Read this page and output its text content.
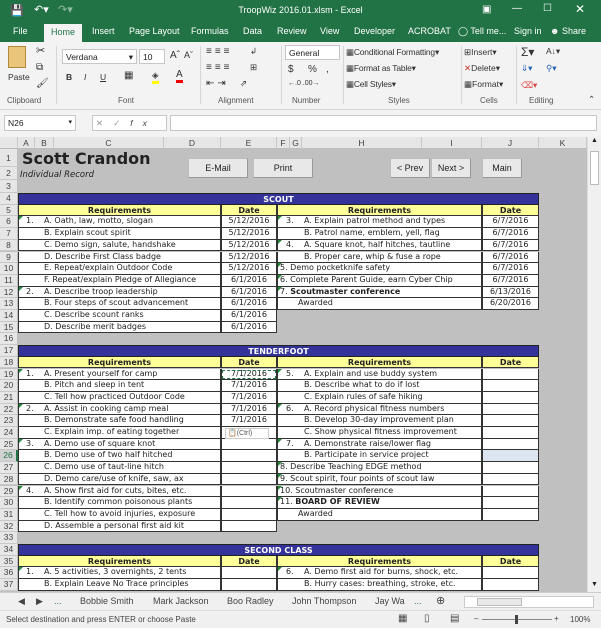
💾 ↶▾ ↷▾	TroopWiz 2016.01.xlsm - Excel	▣ — ☐ ✕
File	Home	Insert Page Layout Formulas Data Review View Developer ACROBAT ◯ Tell me... Sign in ☻ Share
Paste
✂
⧉
🖌
Clipboard
Verdana	▾	10	Aˆ Aˇ
B I U ▦ ◈ A
Font
≡≡≡
≡≡≡
⇤⇥
↲
⊞
⇗
Alignment
General
$ % ,
←.0 .00→
Number
▦Conditional Formatting▾
▦Format as Table▾
▦Cell Styles▾
Styles
⊞Insert▾
✕Delete▾
▦Format▾
Cells
Σ▾ A↓▾
⇓▾ ⚲▾
⌫▾
Editing	⌃
N26	▾	✕✓fx
A	B	C	D	E	F G	H	I	J	K
1
2
3
4
5
6
7
8
9
10
11
12
13
14
15
16
17
18
19
20
21
22
23
24
25
26
27
28
29
30
31
32
33
34
35
36
37
Scott Crandon
Individual Record
E-Mail	Print	< Prev	Next >	Main
SCOUT
Requirements	Date
1. A. Oath, law, motto, slogan	5/12/2016
B. Explain scout spirit	5/12/2016
C. Demo sign, salute, handshake	5/12/2016
D. Describe First Class badge	5/12/2016
E. Repeat/explain Outdoor Code	5/12/2016
F. Repeat/explain Pledge of Allegiance	6/1/2016
2. A. Describe troop leadership	6/1/2016
B. Four steps of scout advancement	6/1/2016
C. Describe scount ranks	6/1/2016
D. Describe merit badges	6/1/2016
Requirements	Date
3. A. Explain patrol method and types	6/7/2016
B. Patrol name, emblem, yell, flag	6/7/2016
4. A. Square knot, half hitches, tautline	6/7/2016
B. Proper care, whip & fuse a rope	6/7/2016
5. Demo pocketknife safety	6/7/2016
6. Complete Parent Guide, earn Cyber Chip	6/7/2016
7. Scoutmaster conference	6/13/2016
Awarded	6/20/2016
TENDERFOOT
Requirements	Date
1. A. Present yourself for camp	7/1/2016
B. Pitch and sleep in tent	7/1/2016
C. Tell how practiced Outdoor Code	7/1/2016
2. A. Assist in cooking camp meal	7/1/2016
B. Demonstrate safe food handling	7/1/2016
C. Explain imp. of eating together
3. A. Demo use of square knot
B. Demo use of two half hitched
C. Demo use of taut-line hitch
D. Demo care/use of knife, saw, ax
4. A. Show first aid for cuts, bites, etc.
B. Identify common poisonous plants
C. Tell how to avoid injuries, exposure
D. Assemble a personal first aid kit
Requirements	Date
5. A. Explain and use buddy system
B. Describe what to do if lost
C. Explain rules of safe hiking
6. A. Record physical fitness numbers
B. Develop 30-day improvement plan
C. Show physical fitness improvement
7. A. Demonstrate raise/lower flag
B. Participate in service project
8. Describe Teaching EDGE method
9. Scout spirit, four points of scout law
10. Scoutmaster conference
11. BOARD OF REVIEW
Awarded
SECOND CLASS
Requirements	Date
1. A. 5 activities, 3 overnights, 2 tents
B. Explain Leave No Trace principles
Requirements	Date
6. A. Demo first aid for burns, shock, etc.
B. Hurry cases: breathing, stroke, etc.
📋(Ctrl)
▲
▼
◀ ▶ ... Bobbie Smith Mark Jackson Boo Radley John Thompson Jay Wa ... ⊕
Select destination and press ENTER or choose Paste	▦ ▯ ▤ –	+ 100%
